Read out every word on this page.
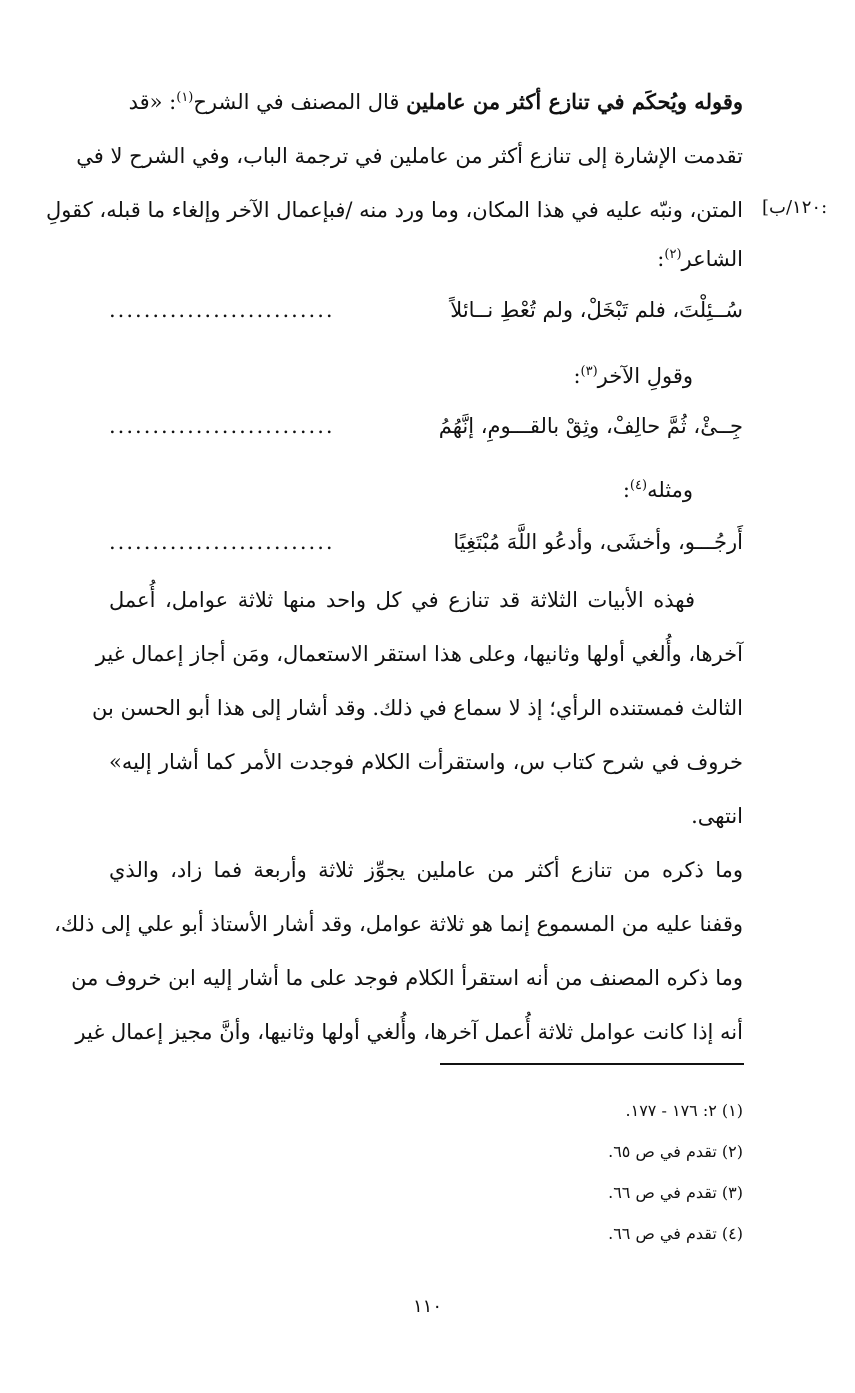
:١٢٠/ب]
وقوله ويُحكَم في تنازع أكثر من عاملين قال المصنف في الشرح$^{(١)}$: «قد
تقدمت الإشارة إلى تنازع أكثر من عاملين في ترجمة الباب، وفي الشرح لا في
المتن، ونبّه عليه في هذا المكان، وما ورد منه /فبإعمال الآخر وإلغاء ما قبله، كقولِ
الشاعر$^{(٢)}$:
سُــئِلْتَ، فلم تَبْخَلْ، ولم تُعْطِ نــائلاً
..........................
وقولِ الآخر$^{(٣)}$:
جِــئْ، ثُمَّ حالِفْ، وثِقْ بالقـــومِ، إنَّهُمُ
..........................
ومثله$^{(٤)}$:
أَرجُـــو، وأخشَى، وأدعُو اللَّهَ مُبْتَغِيًا
..........................
فهذه الأبيات الثلاثة قد تنازع في كل واحد منها ثلاثة عوامل، أُعمل
آخرها، وأُلغي أولها وثانيها، وعلى هذا استقر الاستعمال، ومَن أجاز إعمال غير
الثالث فمستنده الرأي؛ إذ لا سماع في ذلك. وقد أشار إلى هذا أبو الحسن بن
خروف في شرح كتاب س، واستقرأت الكلام فوجدت الأمر كما أشار إليه»
انتهى.
وما ذكره من تنازع أكثر من عاملين يجوِّز ثلاثة وأربعة فما زاد، والذي
وقفنا عليه من المسموع إنما هو ثلاثة عوامل، وقد أشار الأستاذ أبو علي إلى ذلك،
وما ذكره المصنف من أنه استقرأ الكلام فوجد على ما أشار إليه ابن خروف من
أنه إذا كانت عوامل ثلاثة أُعمل آخرها، وأُلغي أولها وثانيها، وأنَّ مجيز إعمال غير
(١) ٢: ١٧٦ - ١٧٧.
(٢) تقدم في ص ٦٥.
(٣) تقدم في ص ٦٦.
(٤) تقدم في ص ٦٦.
١١٠
